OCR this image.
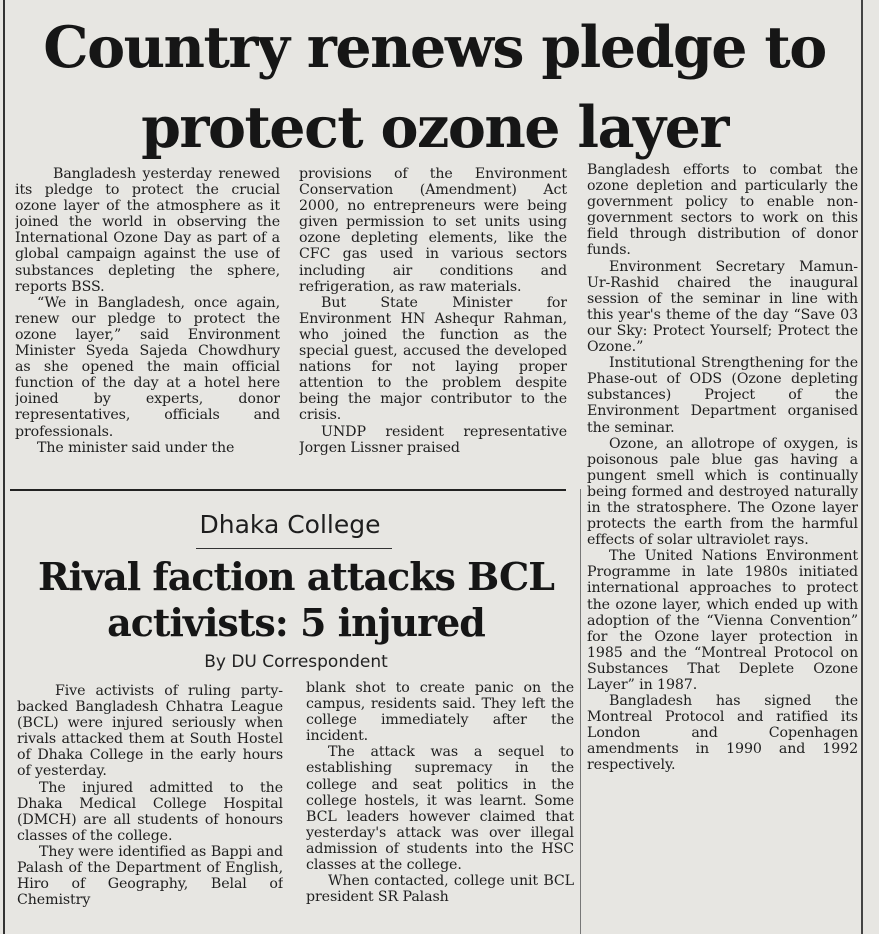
Country renews pledge to
protect ozone layer

Bangladesh yesterday renewed its pledge to protect the crucial ozone layer of the atmosphere as it joined the world in observing the International Ozone Day as part of a global campaign against the use of substances depleting the sphere, reports BSS.

“We in Bangladesh, once again, renew our pledge to protect the ozone layer,” said Environment Minister Syeda Sajeda Chowdhury as she opened the main official function of the day at a hotel here joined by experts, donor representatives, officials and professionals.

The minister said under the

provisions of the Environment Conservation (Amendment) Act 2000, no entrepreneurs were being given permission to set units using ozone depleting elements, like the CFC gas used in various sectors including air conditions and refrigeration, as raw materials.

But State Minister for Environment HN Ashequr Rahman, who joined the function as the special guest, accused the developed nations for not laying proper attention to the problem despite being the major contributor to the crisis.

UNDP resident representative Jorgen Lissner praised

Bangladesh efforts to combat the ozone depletion and particularly the government policy to enable non-government sectors to work on this field through distribution of donor funds.

Environment Secretary Mamun-Ur-Rashid chaired the inaugural session of the seminar in line with this year's theme of the day “Save 03 our Sky: Protect Yourself; Protect the Ozone.”

Institutional Strengthening for the Phase-out of ODS (Ozone depleting substances) Project of the Environment Department organised the seminar.

Ozone, an allotrope of oxygen, is poisonous pale blue gas having a pungent smell which is continually being formed and destroyed naturally in the stratosphere. The Ozone layer protects the earth from the harmful effects of solar ultraviolet rays.

The United Nations Environment Programme in late 1980s initiated international approaches to protect the ozone layer, which ended up with adoption of the “Vienna Convention” for the Ozone layer protection in 1985 and the “Montreal Protocol on Substances That Deplete Ozone Layer” in 1987.

Bangladesh has signed the Montreal Protocol and ratified its London and Copenhagen amendments in 1990 and 1992 respectively.

Dhaka College
Rival faction attacks BCL
activists: 5 injured
By DU Correspondent

Five activists of ruling party-backed Bangladesh Chhatra League (BCL) were injured seriously when rivals attacked them at South Hostel of Dhaka College in the early hours of yesterday.

The injured admitted to the Dhaka Medical College Hospital (DMCH) are all students of honours classes of the college.

They were identified as Bappi and Palash of the Department of English, Hiro of Geography, Belal of Chemistry

blank shot to create panic on the campus, residents said. They left the college immediately after the incident.

The attack was a sequel to establishing supremacy in the college and seat politics in the college hostels, it was learnt. Some BCL leaders however claimed that yesterday's attack was over illegal admission of students into the HSC classes at the college.

When contacted, college unit BCL president SR Palash
